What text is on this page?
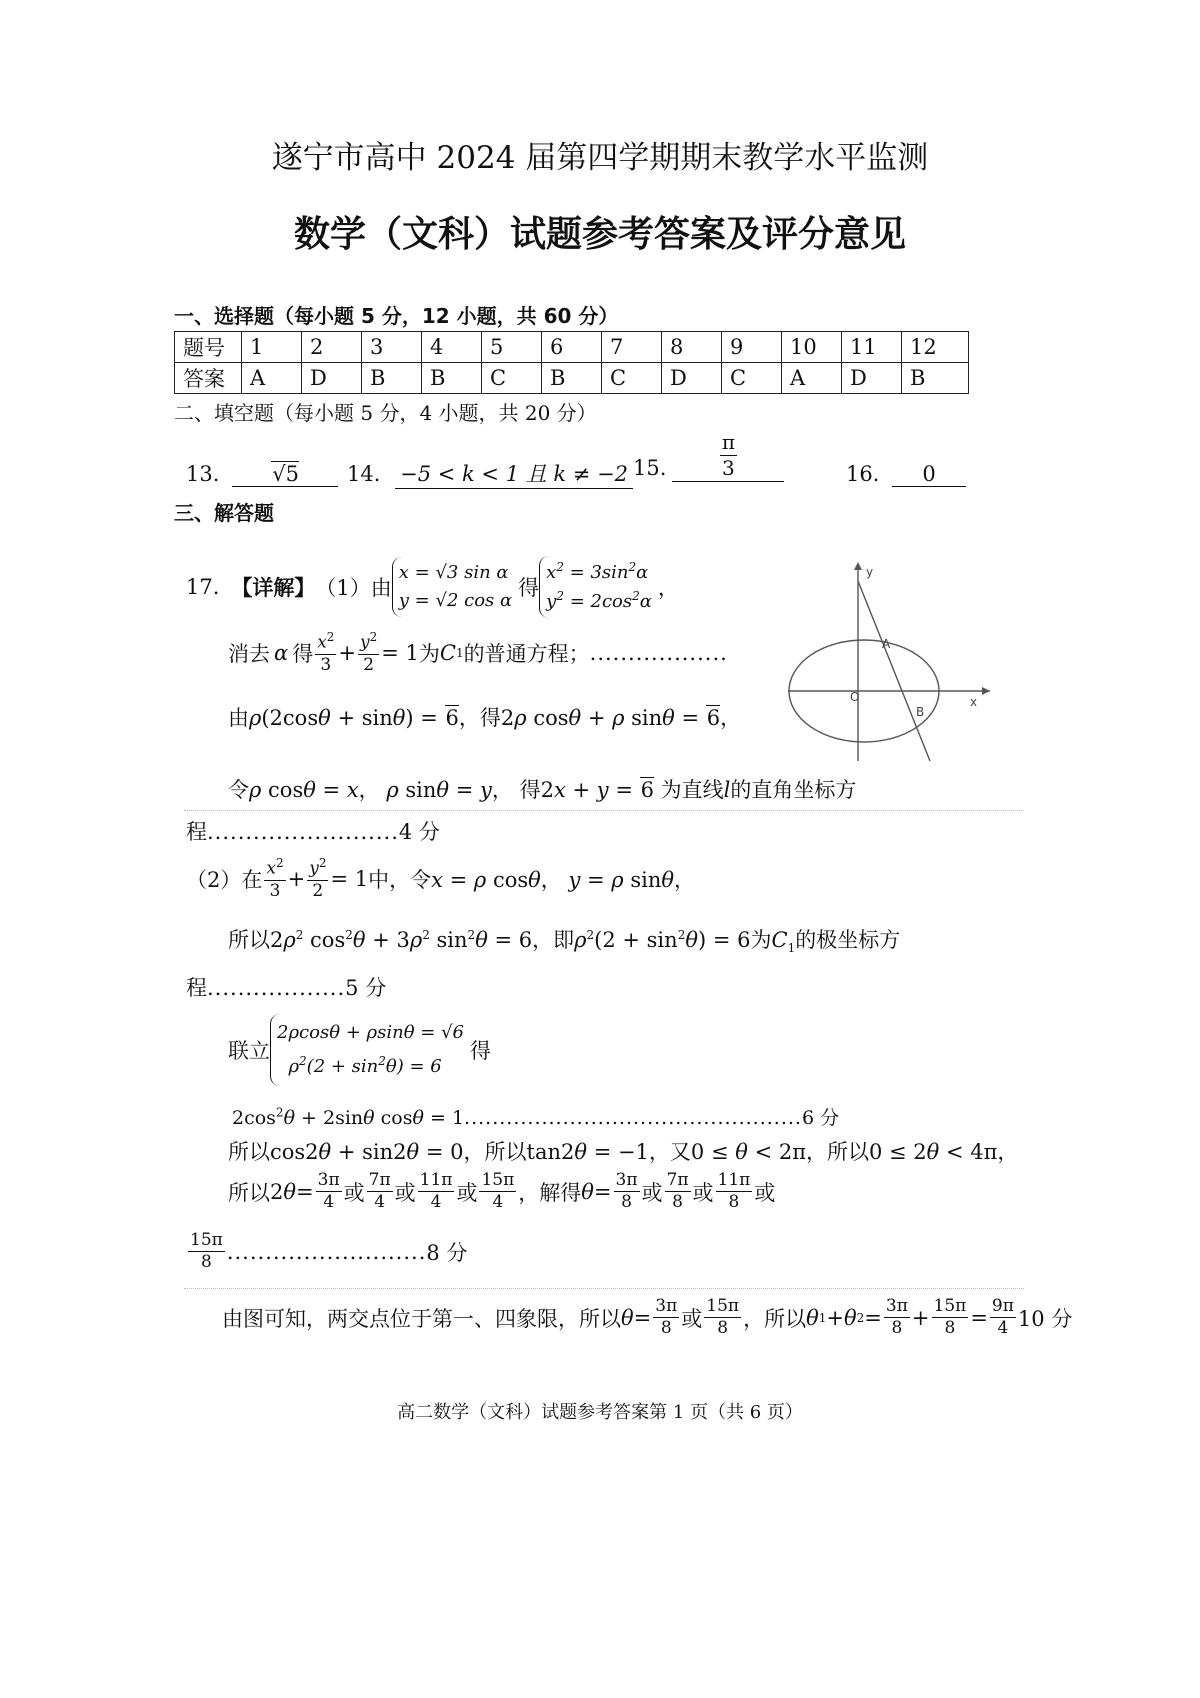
遂宁市高中 2024 届第四学期期末教学水平监测
数学（文科）试题参考答案及评分意见
一、选择题（每小题 5 分，12 小题，共 60 分）
题号	1	2	3	4	5	6	7	8	9	10	11	12
答案	A	D	B	B	C	B	C	D	C	A	D	B
二、填空题（每小题 5 分，4 小题，共 20 分）
13.	√5	14. −5 < k < 1 且 k ≠ −2 15.	$\frac{\pi}{3}$	16. 0
三、解答题
17. 【详解】 （1）由
x = √3 sin α
y = √2 cos α
得
$x^2 = 3\sin^2\alpha$
$y^2 = 2\cos^2\alpha$
，
消去 α 得 $\frac{x^2}{3} + \frac{y^2}{2} = 1$ 为 C 1 的普通方程； ..................
由ρ(2cosθ + sinθ) = 6，得2ρ cosθ + ρ sinθ = 6，
令ρ cosθ = x， ρ sinθ = y， 得2x + y = 6 为直线l的直角坐标方
程.........................4 分
（2）在 $\frac{x^2}{3} + \frac{y^2}{2} = 1$ 中，令 x = ρ cosθ， y = ρ sinθ，
所以$2\rho^2$ $\cos^2\theta + 3\rho^2$ $\sin^2\theta = 6$，即$\rho^2(2 + \sin^2\theta) = 6$为$C_1$的极坐标方
程..................5 分
联立
2ρcosθ + ρsinθ = √6
$\rho^2(2 + \sin^2\theta) = 6$
得
$2\cos^2\theta + 2\sin\theta$ cosθ = 1................................................6 分
所以cos2θ + sin2θ = 0，所以tan2θ = −1，又0 ≤ θ < 2π，所以0 ≤ 2θ < 4π，
所以 2 $\theta = \frac{3\pi}{4}$ 或 $\frac{7\pi}{4}$ 或 $\frac{11\pi}{4}$ 或 $\frac{15\pi}{4}$ ，解得 $\theta = \frac{3\pi}{8}$ 或 $\frac{7\pi}{8}$ 或 $\frac{11\pi}{8}$ 或
$\frac{15\pi}{8}$ .......................... 8 分
由图可知，两交点位于第一、四象限，所以 $\theta = \frac{3\pi}{8}$ 或 $\frac{15\pi}{8}$ ，所以 θ 1 + θ $2 = \frac{3\pi}{8} + \frac{15\pi}{8} = \frac{9\pi}{4} 10$ 分
y
x
O
A
B
高二数学（文科）试题参考答案第 1 页（共 6 页）
